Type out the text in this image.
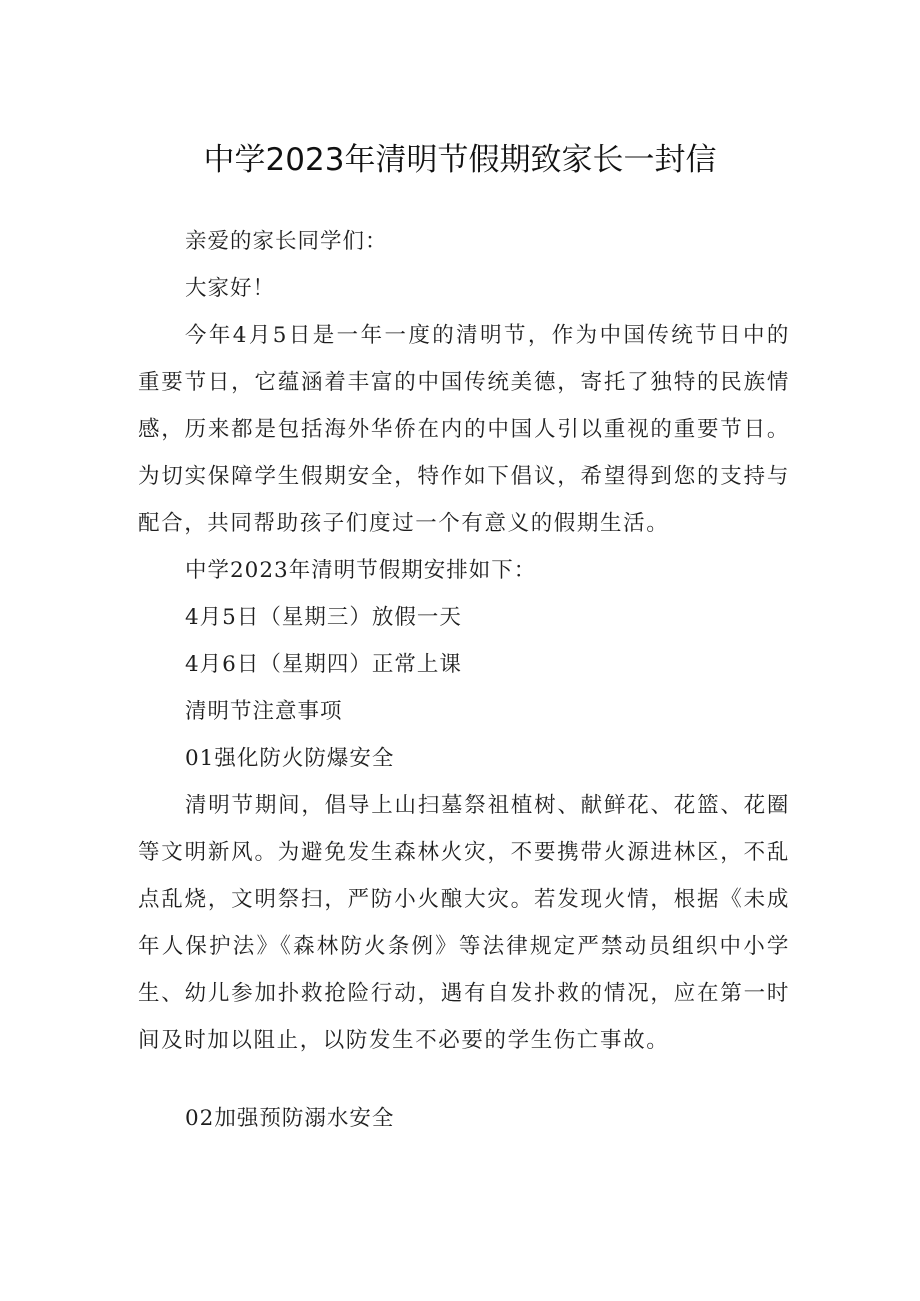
中学2023年清明节假期致家长一封信
亲爱的家长同学们：
大家好！
今年4月5日是一年一度的清明节，作为中国传统节日中的重要节日，它蕴涵着丰富的中国传统美德，寄托了独特的民族情感，历来都是包括海外华侨在内的中国人引以重视的重要节日。为切实保障学生假期安全，特作如下倡议，希望得到您的支持与配合，共同帮助孩子们度过一个有意义的假期生活。
中学2023年清明节假期安排如下：
4月5日（星期三）放假一天
4月6日（星期四）正常上课
清明节注意事项
01强化防火防爆安全
清明节期间，倡导上山扫墓祭祖植树、献鲜花、花篮、花圈等文明新风。为避免发生森林火灾，不要携带火源进林区，不乱点乱烧，文明祭扫，严防小火酿大灾。若发现火情，根据《未成年人保护法》《森林防火条例》等法律规定严禁动员组织中小学生、幼儿参加扑救抢险行动，遇有自发扑救的情况，应在第一时间及时加以阻止，以防发生不必要的学生伤亡事故。
02加强预防溺水安全
